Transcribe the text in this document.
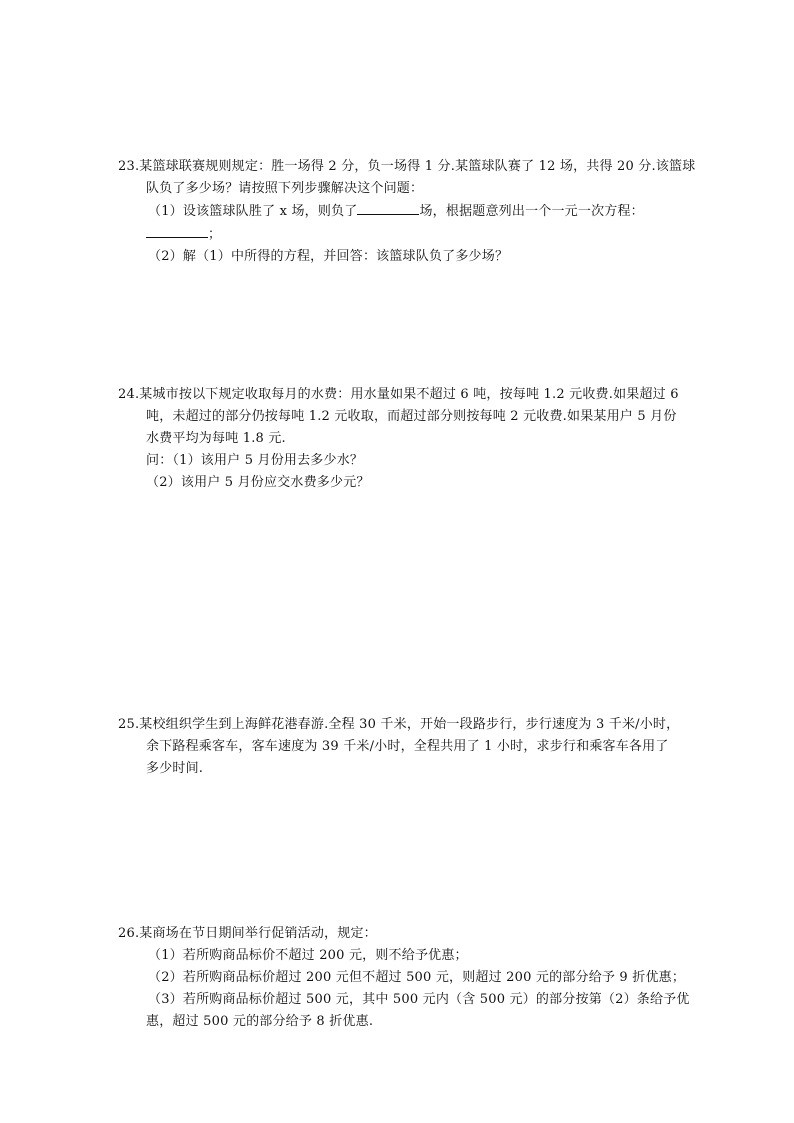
23.某篮球联赛规则规定：胜一场得 2 分，负一场得 1 分.某篮球队赛了 12 场，共得 20 分.该篮球
队负了多少场？请按照下列步骤解决这个问题：
（1）设该篮球队胜了 x 场，则负了	场，根据题意列出一个一元一次方程：
；
（2）解（1）中所得的方程，并回答：该篮球队负了多少场？
24.某城市按以下规定收取每月的水费：用水量如果不超过 6 吨，按每吨 1.2 元收费.如果超过 6
吨，未超过的部分仍按每吨 1.2 元收取，而超过部分则按每吨 2 元收费.如果某用户 5 月份
水费平均为每吨 1.8 元.
问：（1）该用户 5 月份用去多少水？
（2）该用户 5 月份应交水费多少元？
25.某校组织学生到上海鲜花港春游.全程 30 千米，开始一段路步行，步行速度为 3 千米/小时，
余下路程乘客车，客车速度为 39 千米/小时，全程共用了 1 小时，求步行和乘客车各用了
多少时间.
26.某商场在节日期间举行促销活动，规定：
（1）若所购商品标价不超过 200 元，则不给予优惠；
（2）若所购商品标价超过 200 元但不超过 500 元，则超过 200 元的部分给予 9 折优惠；
（3）若所购商品标价超过 500 元，其中 500 元内（含 500 元）的部分按第（2）条给予优
惠，超过 500 元的部分给予 8 折优惠.
